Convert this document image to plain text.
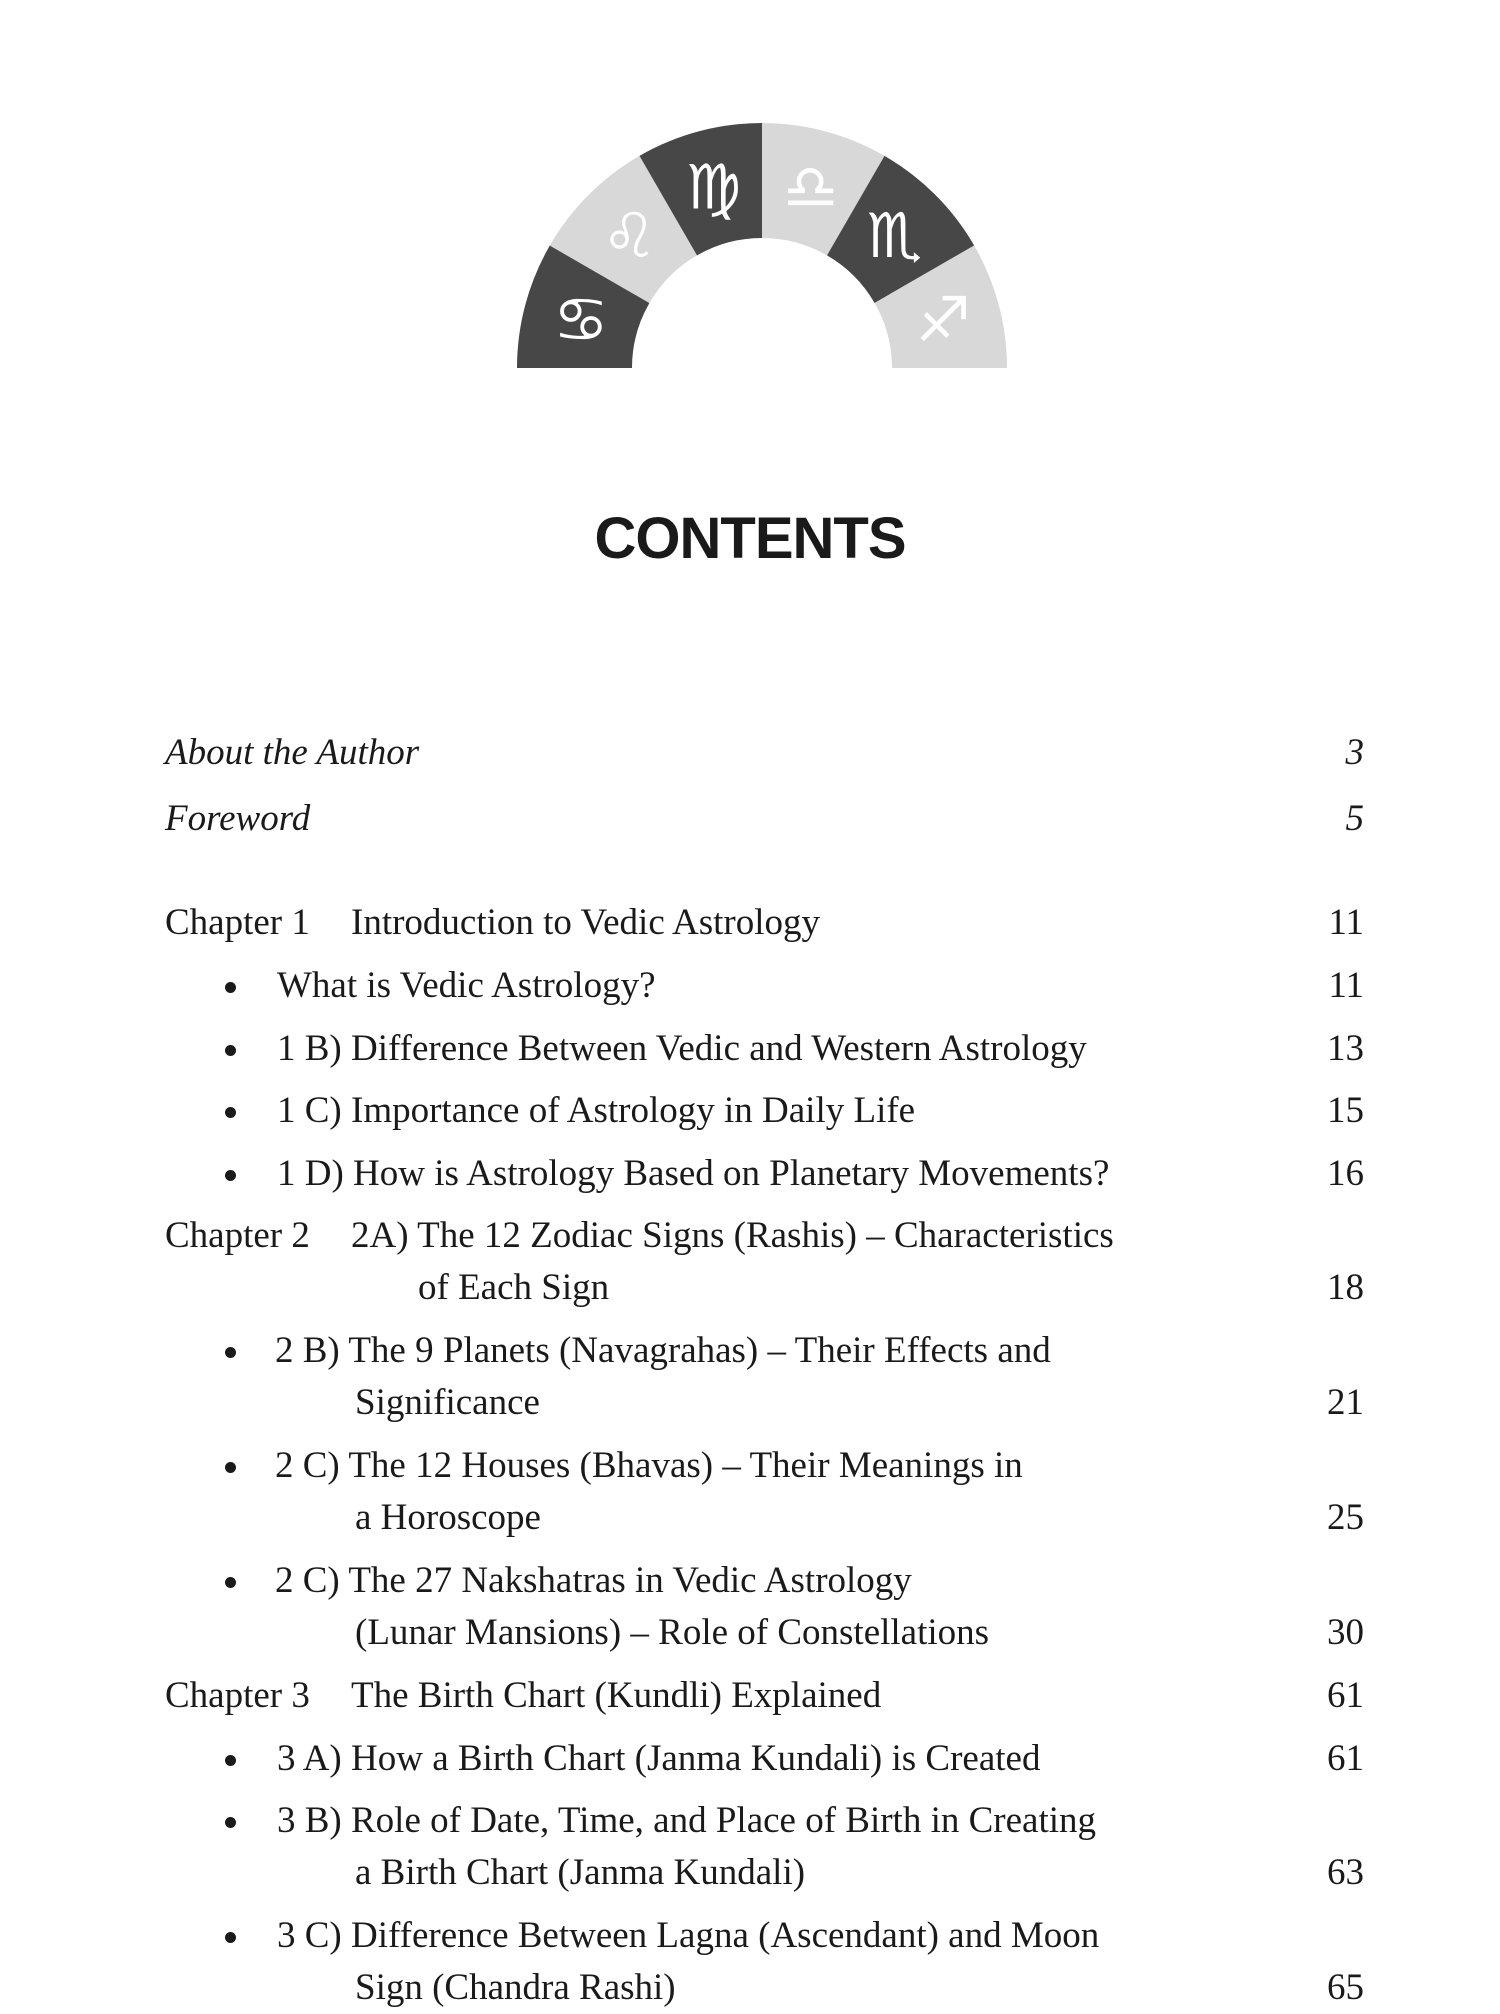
♋
♌
♍ ♎
♏
♐
CONTENTS
About the Author	3
Foreword	5
Chapter 1 Introduction to Vedic Astrology	11
What is Vedic Astrology?	11
1 B) Difference Between Vedic and Western Astrology	13
1 C) Importance of Astrology in Daily Life	15
1 D) How is Astrology Based on Planetary Movements?	16
Chapter 2 2A) The 12 Zodiac Signs (Rashis) – Characteristics
of Each Sign	18
2 B) The 9 Planets (Navagrahas) – Their Effects and
Significance	21
2 C) The 12 Houses (Bhavas) – Their Meanings in
a Horoscope	25
2 C) The 27 Nakshatras in Vedic Astrology
(Lunar Mansions) – Role of Constellations	30
Chapter 3 The Birth Chart (Kundli) Explained	61
3 A) How a Birth Chart (Janma Kundali) is Created	61
3 B) Role of Date, Time, and Place of Birth in Creating
a Birth Chart (Janma Kundali)	63
3 C) Difference Between Lagna (Ascendant) and Moon
Sign (Chandra Rashi)	65
